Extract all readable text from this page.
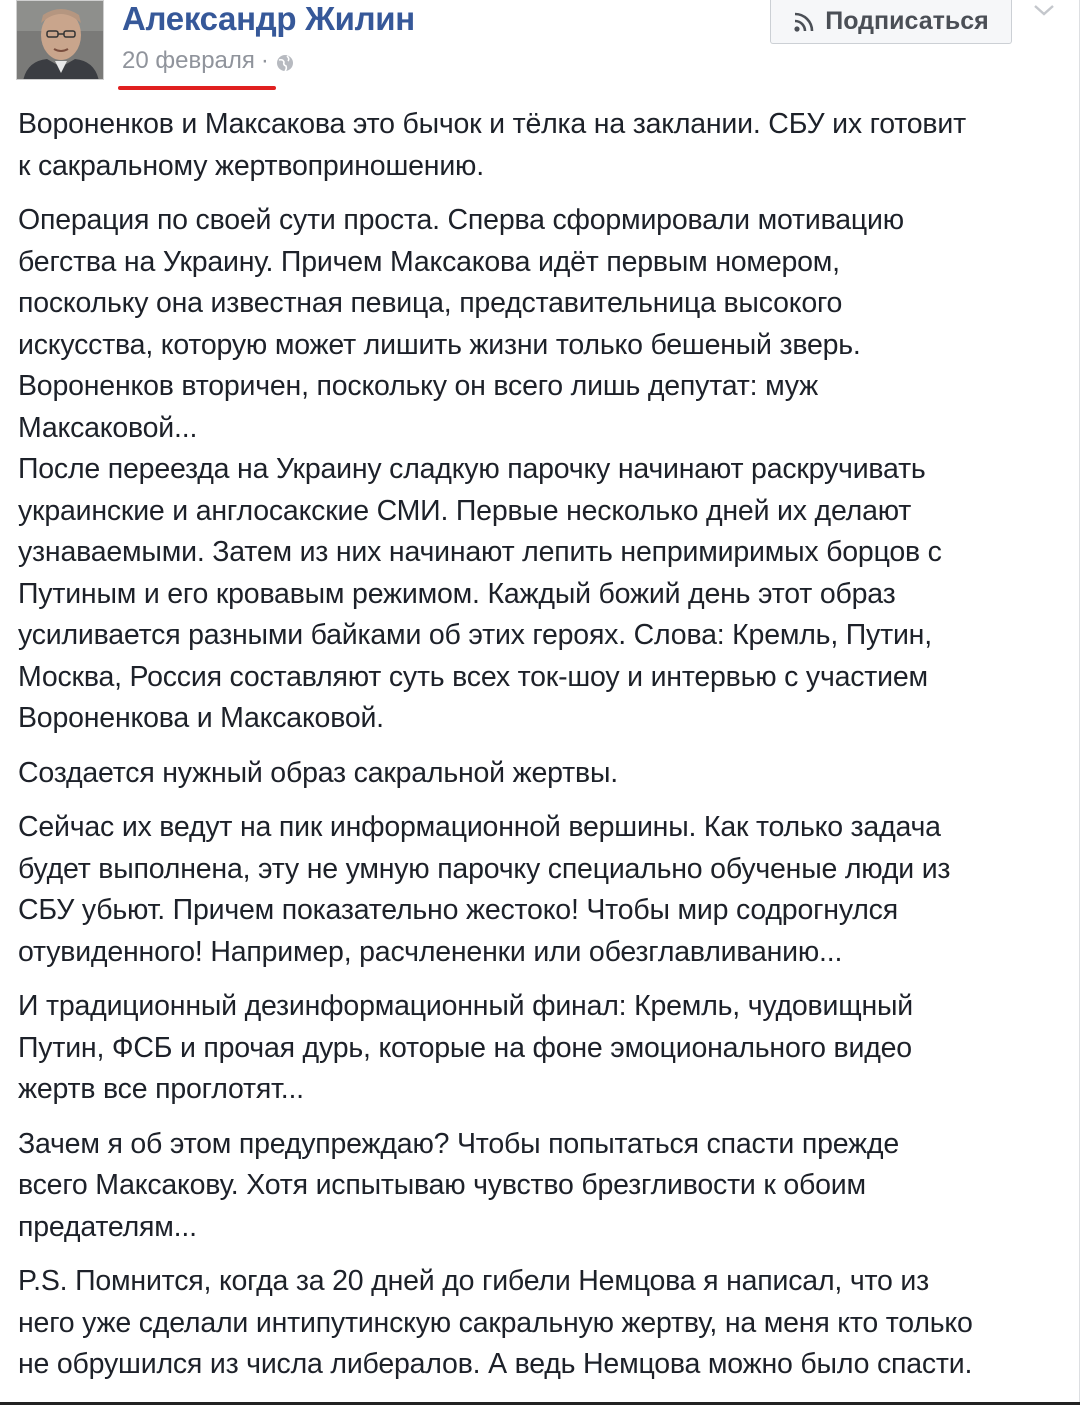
Александр Жилин
20 февраля ·
Подписаться

Вороненков и Максакова это бычок и тёлка на заклании. СБУ их готовит
к сакральному жертвоприношению.

Операция по своей сути проста. Сперва сформировали мотивацию
бегства на Украину. Причем Максакова идёт первым номером,
поскольку она известная певица, представительница высокого
искусства, которую может лишить жизни только бешеный зверь.
Вороненков вторичен, поскольку он всего лишь депутат: муж
Максаковой...
После переезда на Украину сладкую парочку начинают раскручивать
украинские и англосакские СМИ. Первые несколько дней их делают
узнаваемыми. Затем из них начинают лепить непримиримых борцов с
Путиным и его кровавым режимом. Каждый божий день этот образ
усиливается разными байками об этих героях. Слова: Кремль, Путин,
Москва, Россия составляют суть всех ток-шоу и интервью с участием
Вороненкова и Максаковой.

Создается нужный образ сакральной жертвы.

Сейчас их ведут на пик информационной вершины. Как только задача
будет выполнена, эту не умную парочку специально обученые люди из
СБУ убьют. Причем показательно жестоко! Чтобы мир содрогнулся
отувиденного! Например, расчлененки или обезглавливанию...

И традиционный дезинформационный финал: Кремль, чудовищный
Путин, ФСБ и прочая дурь, которые на фоне эмоционального видео
жертв все проглотят...

Зачем я об этом предупреждаю? Чтобы попытаться спасти прежде
всего Максакову. Хотя испытываю чувство брезгливости к обоим
предателям...

P.S. Помнится, когда за 20 дней до гибели Немцова я написал, что из
него уже сделали интипутинскую сакральную жертву, на меня кто только
не обрушился из числа либералов. А ведь Немцова можно было спасти.
